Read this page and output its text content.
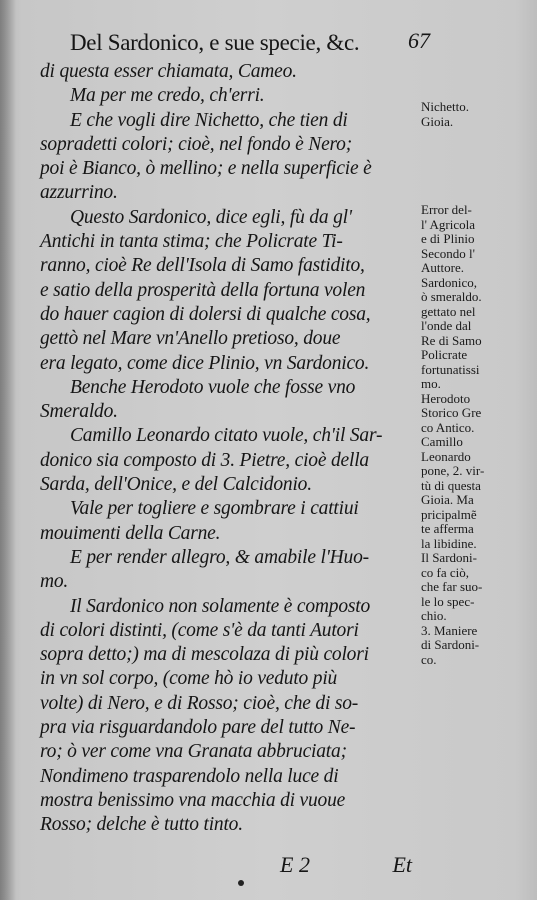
Del Sardonico, e sue specie, &c. 67
di questa esser chiamata, Cameo.
Ma per me credo, ch'erri.
E che vogli dire Nichetto, che tien di
sopradetti colori; cioè, nel fondo è Nero;
poi è Bianco, ò mellino; e nella superficie è
azzurrino.
Questo Sardonico, dice egli, fù da gl'
Antichi in tanta stima; che Policrate Ti-
ranno, cioè Re dell'Isola di Samo fastidito,
e satio della prosperità della fortuna volen
do hauer cagion di dolersi di qualche cosa,
gettò nel Mare vn'Anello pretioso, doue
era legato, come dice Plinio, vn Sardonico.
Benche Herodoto vuole che fosse vno
Smeraldo.
Camillo Leonardo citato vuole, ch'il Sar-
donico sia composto di 3. Pietre, cioè della
Sarda, dell'Onice, e del Calcidonio.
Vale per togliere e sgombrare i cattiui
mouimenti della Carne.
E per render allegro, & amabile l'Huo-
mo.
Il Sardonico non solamente è composto
di colori distinti, (come s'è da tanti Autori
sopra detto;) ma di mescolaza di più colori
in vn sol corpo, (come hò io veduto più
volte) di Nero, e di Rosso; cioè, che di so-
pra via risguardandolo pare del tutto Ne-
ro; ò ver come vna Granata abbruciata;
Nondimeno trasparendolo nella luce di
mostra benissimo vna macchia di vuoue
Rosso; delche è tutto tinto.
Nichetto.
Gioia.
Error del-
l' Agricola
e di Plinio
Secondo l'
Auttore.
Sardonico,
ò smeraldo.
gettato nel
l'onde dal
Re di Samo
Policrate
fortunatissi
mo.
Herodoto
Storico Gre
co Antico.
Camillo
Leonardo
pone, 2. vir-
tù di questa
Gioia. Ma
pricipalmẽ
te afferma
la libidine.
Il Sardoni-
co fa ciò,
che far suo-
le lo spec-
chio.
3. Maniere
di Sardoni-
co.
E 2	Et
